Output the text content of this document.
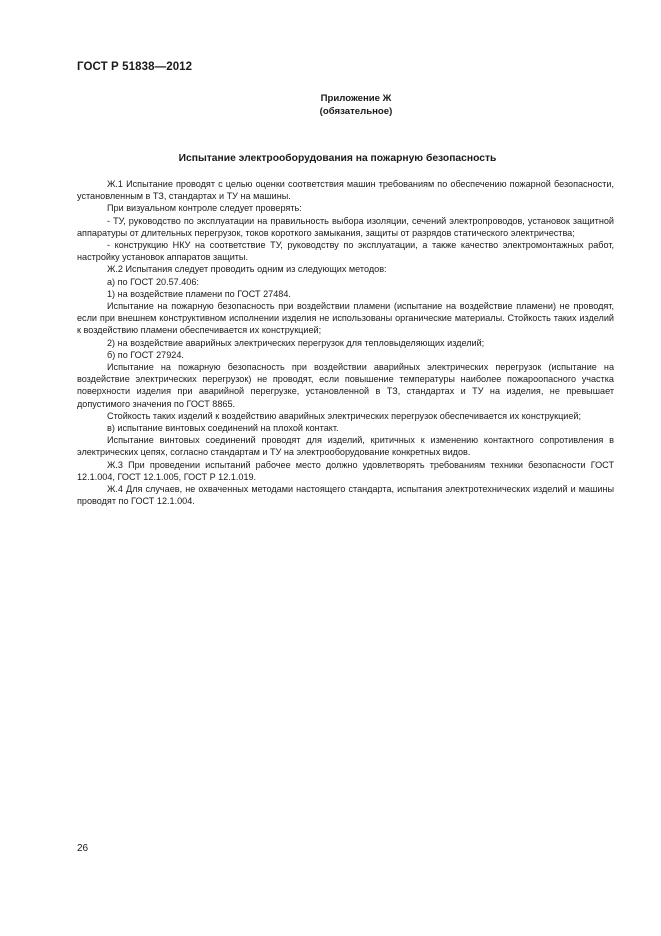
ГОСТ Р 51838—2012
Приложение Ж
(обязательное)
Испытание электрооборудования на пожарную безопасность

Ж.1 Испытание проводят с целью оценки соответствия машин требованиям по обеспечению пожарной безопасности, установленным в ТЗ, стандартах и ТУ на машины.

При визуальном контроле следует проверять:

- ТУ, руководство по эксплуатации на правильность выбора изоляции, сечений электропроводов, установок защитной аппаратуры от длительных перегрузок, токов короткого замыкания, защиты от разрядов статического электричества;

- конструкцию НКУ на соответствие ТУ, руководству по эксплуатации, а также качество электромонтажных работ, настройку установок аппаратов защиты.

Ж.2 Испытания следует проводить одним из следующих методов:

а) по ГОСТ 20.57.406:

1) на воздействие пламени по ГОСТ 27484.

Испытание на пожарную безопасность при воздействии пламени (испытание на воздействие пламени) не проводят, если при внешнем конструктивном исполнении изделия не использованы органические материалы. Стойкость таких изделий к воздействию пламени обеспечивается их конструкцией;

2) на воздействие аварийных электрических перегрузок для тепловыделяющих изделий;

б) по ГОСТ 27924.

Испытание на пожарную безопасность при воздействии аварийных электрических перегрузок (испытание на воздействие электрических перегрузок) не проводят, если повышение температуры наиболее пожароопасного участка поверхности изделия при аварийной перегрузке, установленной в ТЗ, стандартах и ТУ на изделия, не превышает допустимого значения по ГОСТ 8865.

Стойкость таких изделий к воздействию аварийных электрических перегрузок обеспечивается их конструкцией;

в) испытание винтовых соединений на плохой контакт.

Испытание винтовых соединений проводят для изделий, критичных к изменению контактного сопротивления в электрических цепях, согласно стандартам и ТУ на электрооборудование конкретных видов.

Ж.3 При проведении испытаний рабочее место должно удовлетворять требованиям техники безопасности ГОСТ 12.1.004, ГОСТ 12.1.005, ГОСТ Р 12.1.019.

Ж.4 Для случаев, не охваченных методами настоящего стандарта, испытания электротехнических изделий и машины проводят по ГОСТ 12.1.004.

26
